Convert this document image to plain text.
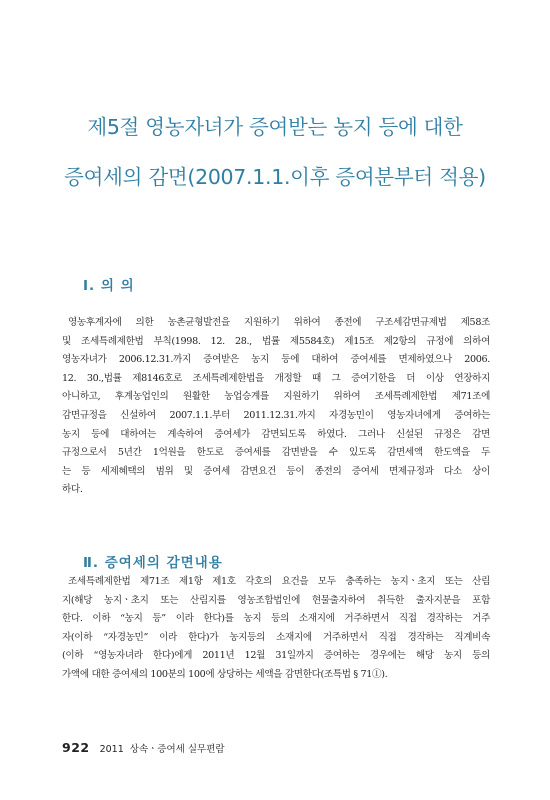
제5절 영농자녀가 증여받는 농지 등에 대한
증여세의 감면(2007.1.1.이후 증여분부터 적용)
Ⅰ. 의 의
영농후계자에 의한 농촌균형발전을 지원하기 위하여 종전에 구조세감면규제법 제58조
및 조세특례제한법 부칙(1998. 12. 28., 법률 제5584호) 제15조 제2항의 규정에 의하여
영농자녀가 2006.12.31.까지 증여받은 농지 등에 대하여 증여세를 면제하였으나 2006.
12. 30.,법률 제8146호로 조세특례제한법을 개정할 때 그 증여기한을 더 이상 연장하지
아니하고, 후계농업인의 원활한 농업승계를 지원하기 위하여 조세특례제한법 제71조에
감면규정을 신설하여 2007.1.1.부터 2011.12.31.까지 자경농민이 영농자녀에게 증여하는
농지 등에 대하여는 계속하여 증여세가 감면되도록 하였다. 그러나 신설된 규정은 감면
규정으로서 5년간 1억원을 한도로 증여세를 감면받을 수 있도록 감면세액 한도액을 두
는 등 세제혜택의 범위 및 증여세 감면요건 등이 종전의 증여세 면제규정과 다소 상이
하다.
Ⅱ. 증여세의 감면내용
조세특례제한법 제71조 제1항 제1호 각호의 요건을 모두 충족하는 농지ㆍ초지 또는 산림
지(해당 농지ㆍ초지 또는 산림지를 영농조합법인에 현물출자하여 취득한 출자지분을 포함
한다. 이하 “농지 등” 이라 한다)를 농지 등의 소재지에 거주하면서 직접 경작하는 거주
자(이하 “자경농민” 이라 한다)가 농지등의 소재지에 거주하면서 직접 경작하는 직계비속
(이하 “영농자녀라 한다)에게 2011년 12월 31일까지 증여하는 경우에는 해당 농지 등의
가액에 대한 증여세의 100분의 100에 상당하는 세액을 감면한다(조특법 § 71①).
922 2011 상속ㆍ증여세 실무편람
